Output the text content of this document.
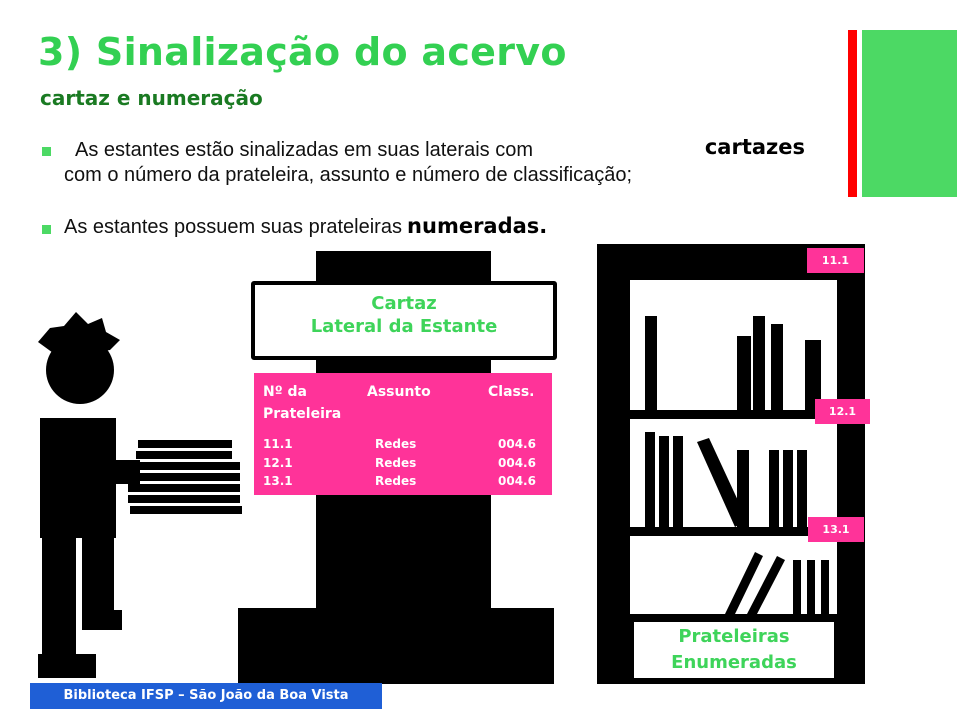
3) Sinalização do acervo
cartaz e numeração
As estantes estão sinalizadas em suas laterais com	cartazes
com o número da prateleira, assunto e número de classificação;
As estantes possuem suas prateleiras numeradas.
Cartaz
Lateral da Estante
Nº da
Prateleira
Assunto	Class.
11.1	Redes	004.6
12.1	Redes	004.6
13.1	Redes	004.6
11.1
12.1
13.1
Prateleiras
Enumeradas
Biblioteca IFSP – São João da Boa Vista
